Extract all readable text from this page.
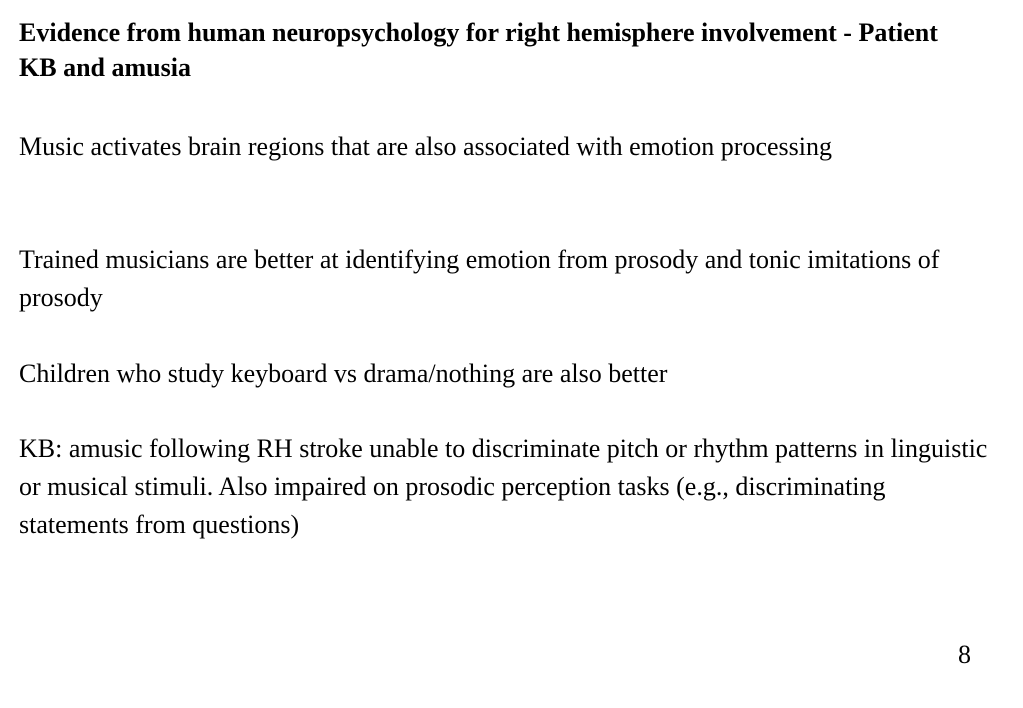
Evidence from human neuropsychology for right hemisphere involvement - Patient KB and amusia

Music activates brain regions that are also associated with emotion processing

Trained musicians are better at identifying emotion from prosody and tonic imitations of prosody

Children who study keyboard vs drama/nothing are also better

KB: amusic following RH stroke unable to discriminate pitch or rhythm patterns in linguistic or musical stimuli. Also impaired on prosodic perception tasks (e.g., discriminating statements from questions)

8
